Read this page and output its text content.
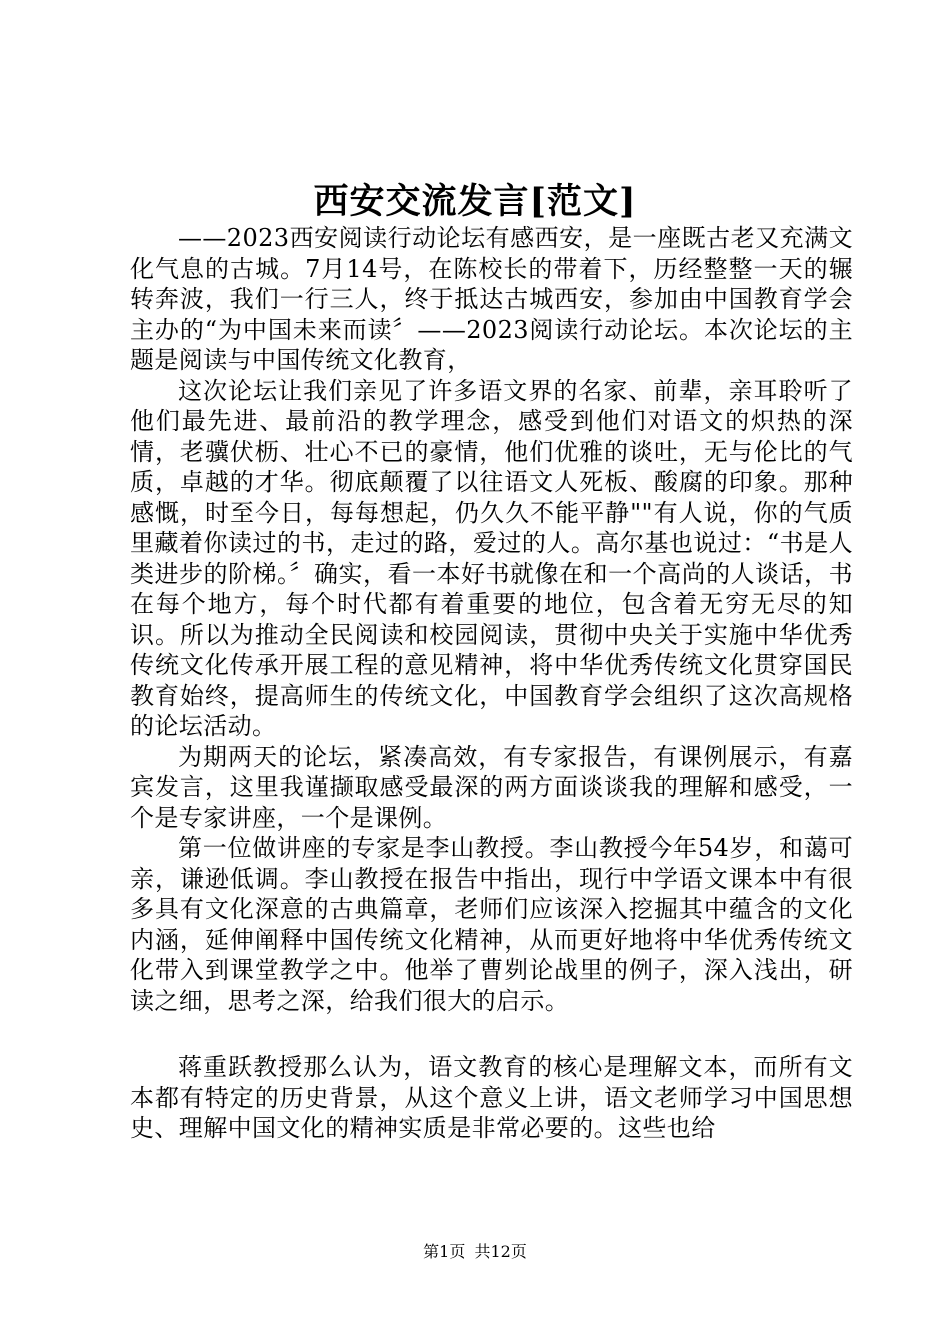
西安交流发言[范文]

——2023西安阅读行动论坛有感西安，是一座既古老又充满文化气息的古城。7月14号，在陈校长的带着下，历经整整一天的辗转奔波，我们一行三人，终于抵达古城西安，参加由中国教育学会主办的“为中国未来而读〞——2023阅读行动论坛。本次论坛的主题是阅读与中国传统文化教育，

这次论坛让我们亲见了许多语文界的名家、前辈，亲耳聆听了他们最先进、最前沿的教学理念，感受到他们对语文的炽热的深情，老骥伏枥、壮心不已的豪情，他们优雅的谈吐，无与伦比的气质，卓越的才华。彻底颠覆了以往语文人死板、酸腐的印象。那种感慨，时至今日，每每想起，仍久久不能平静""有人说，你的气质里藏着你读过的书，走过的路，爱过的人。高尔基也说过：“书是人类进步的阶梯。〞确实，看一本好书就像在和一个高尚的人谈话，书在每个地方，每个时代都有着重要的地位，包含着无穷无尽的知识。所以为推动全民阅读和校园阅读，贯彻中央关于实施中华优秀传统文化传承开展工程的意见精神，将中华优秀传统文化贯穿国民教育始终，提高师生的传统文化，中国教育学会组织了这次高规格的论坛活动。

为期两天的论坛，紧凑高效，有专家报告，有课例展示，有嘉宾发言，这里我谨撷取感受最深的两方面谈谈我的理解和感受，一个是专家讲座，一个是课例。

第一位做讲座的专家是李山教授。李山教授今年54岁，和蔼可亲，谦逊低调。李山教授在报告中指出，现行中学语文课本中有很多具有文化深意的古典篇章，老师们应该深入挖掘其中蕴含的文化内涵，延伸阐释中国传统文化精神，从而更好地将中华优秀传统文化带入到课堂教学之中。他举了曹刿论战里的例子，深入浅出，研读之细，思考之深，给我们很大的启示。

蒋重跃教授那么认为，语文教育的核心是理解文本，而所有文本都有特定的历史背景，从这个意义上讲，语文老师学习中国思想史、理解中国文化的精神实质是非常必要的。这些也给

第1页 共12页
